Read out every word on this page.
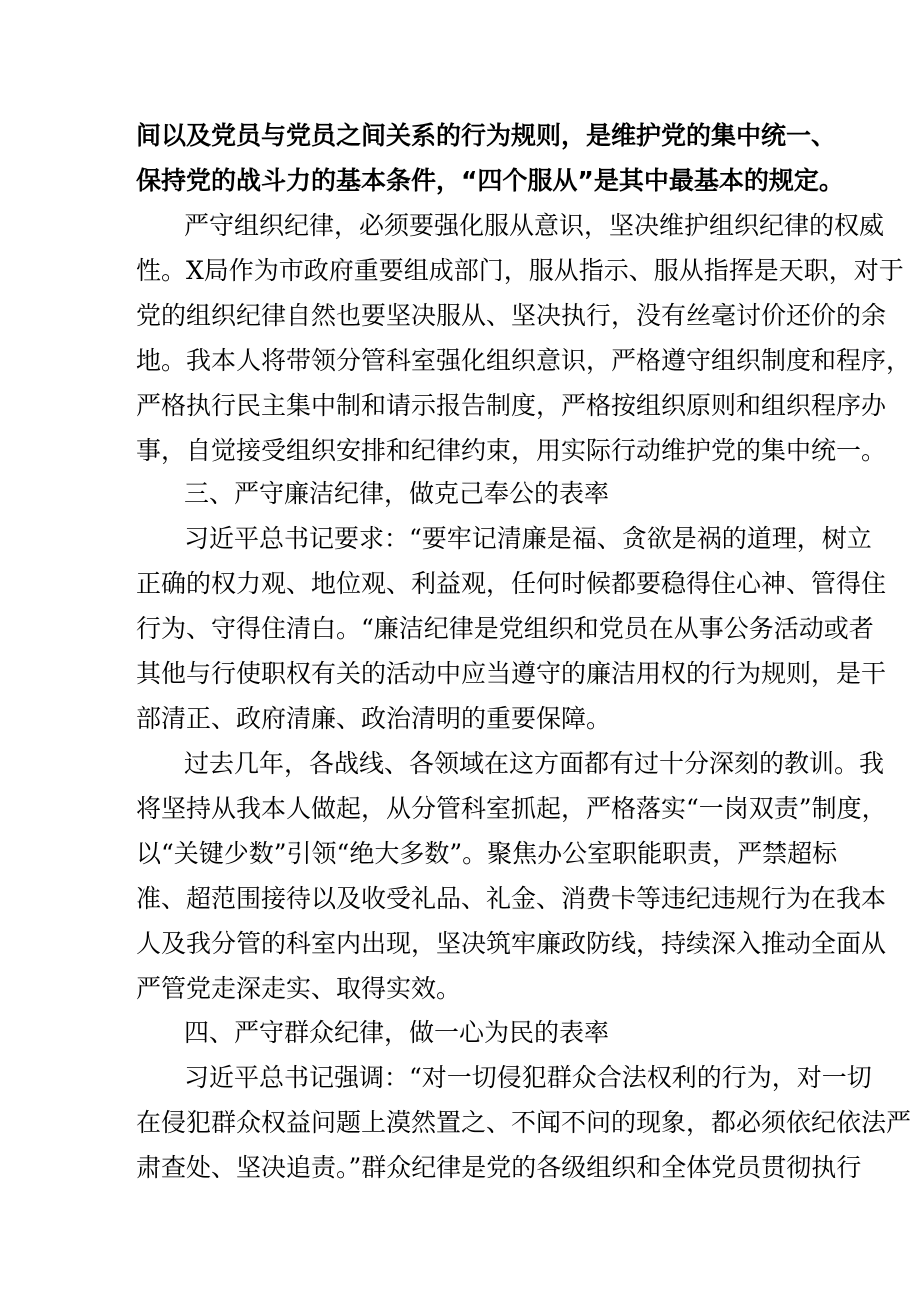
间以及党员与党员之间关系的行为规则，是维护党的集中统一、
保持党的战斗力的基本条件，“四个服从”是其中最基本的规定。
严守组织纪律，必须要强化服从意识，坚决维护组织纪律的权威
性。X局作为市政府重要组成部门，服从指示、服从指挥是天职，对于
党的组织纪律自然也要坚决服从、坚决执行，没有丝毫讨价还价的余
地。我本人将带领分管科室强化组织意识，严格遵守组织制度和程序，
严格执行民主集中制和请示报告制度，严格按组织原则和组织程序办
事，自觉接受组织安排和纪律约束，用实际行动维护党的集中统一。
三、严守廉洁纪律，做克己奉公的表率
习近平总书记要求：“要牢记清廉是福、贪欲是祸的道理，树立
正确的权力观、地位观、利益观，任何时候都要稳得住心神、管得住
行为、守得住清白。“廉洁纪律是党组织和党员在从事公务活动或者
其他与行使职权有关的活动中应当遵守的廉洁用权的行为规则，是干
部清正、政府清廉、政治清明的重要保障。
过去几年，各战线、各领域在这方面都有过十分深刻的教训。我
将坚持从我本人做起，从分管科室抓起，严格落实“一岗双责”制度，
以“关键少数”引领“绝大多数”。聚焦办公室职能职责，严禁超标
准、超范围接待以及收受礼品、礼金、消费卡等违纪违规行为在我本
人及我分管的科室内出现，坚决筑牢廉政防线，持续深入推动全面从
严管党走深走实、取得实效。
四、严守群众纪律，做一心为民的表率
习近平总书记强调：“对一切侵犯群众合法权利的行为，对一切
在侵犯群众权益问题上漠然置之、不闻不问的现象，都必须依纪依法严
肃查处、坚决追责。”群众纪律是党的各级组织和全体党员贯彻执行
